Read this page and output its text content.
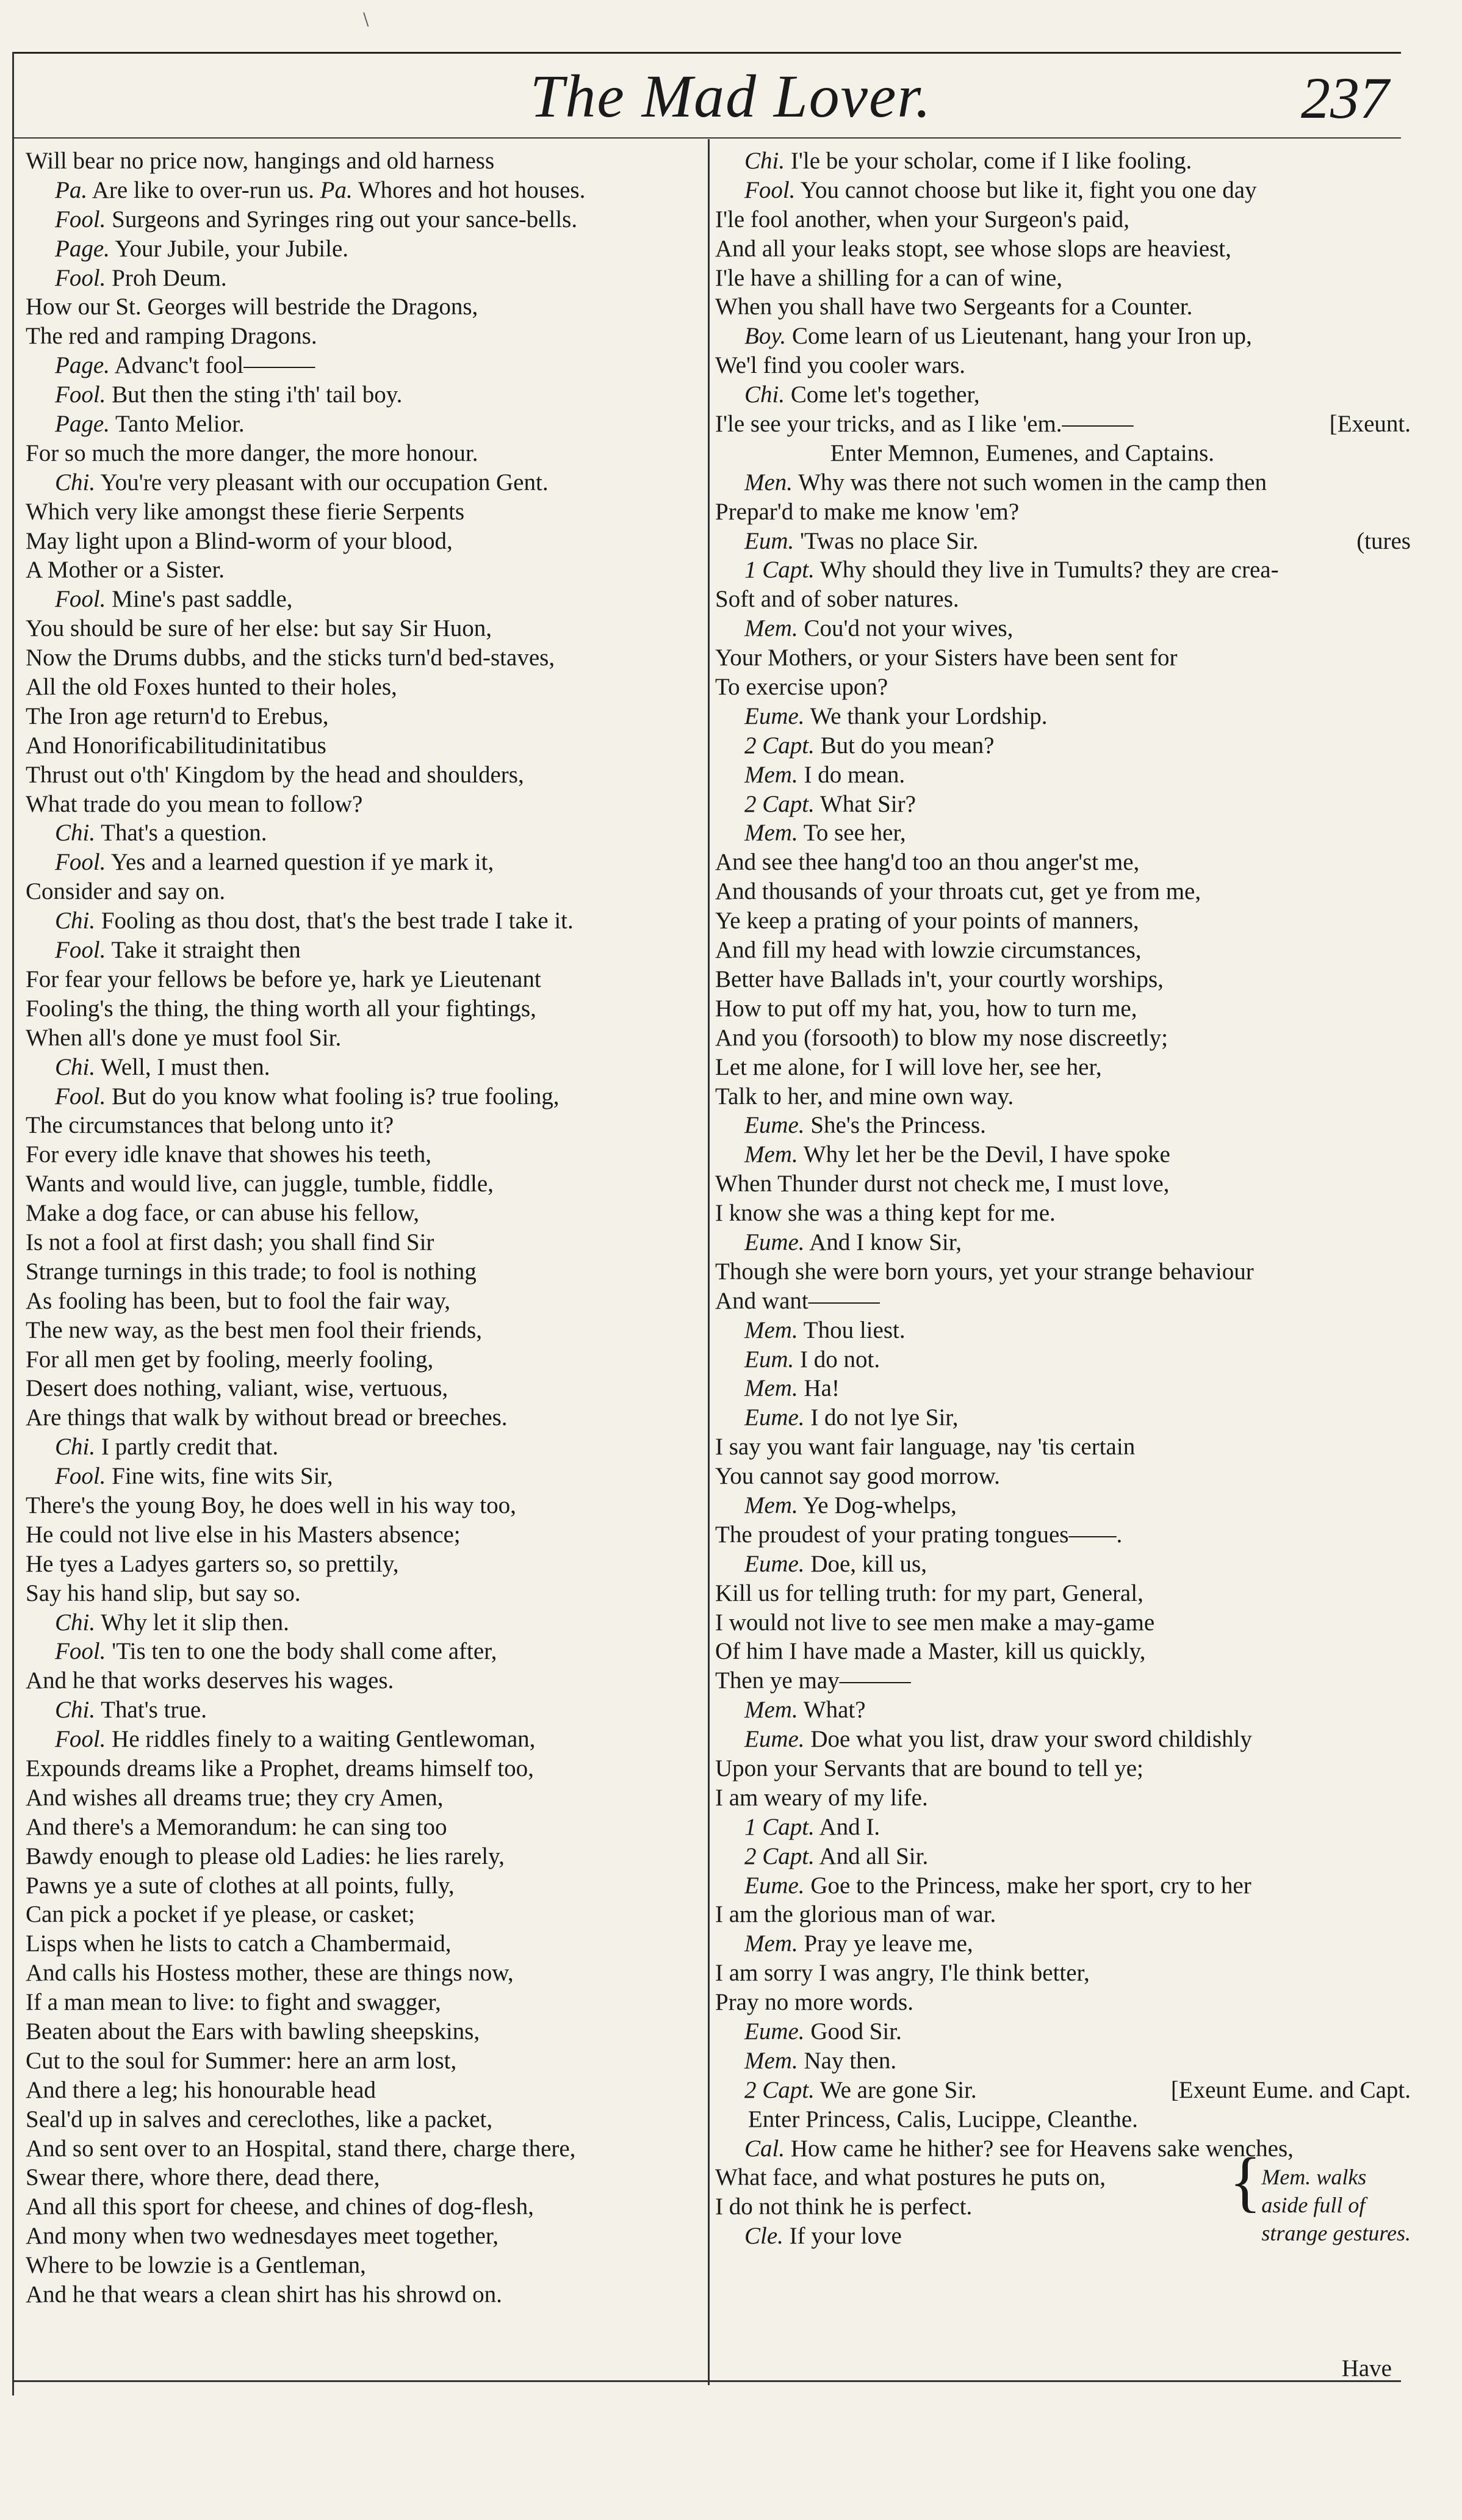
\
The Mad Lover.	237
Will bear no price now, hangings and old harness
Pa. Are like to over-run us. Pa. Whores and hot houses.
Fool. Surgeons and Syringes ring out your sance-bells.
Page. Your Jubile, your Jubile.
Fool. Proh Deum.
How our St. Georges will bestride the Dragons,
The red and ramping Dragons.
Page. Advanc't fool———
Fool. But then the sting i'th' tail boy.
Page. Tanto Melior.
For so much the more danger, the more honour.
Chi. You're very pleasant with our occupation Gent.
Which very like amongst these fierie Serpents
May light upon a Blind-worm of your blood,
A Mother or a Sister.
Fool. Mine's past saddle,
You should be sure of her else: but say Sir Huon,
Now the Drums dubbs, and the sticks turn'd bed-staves,
All the old Foxes hunted to their holes,
The Iron age return'd to Erebus,
And Honorificabilitudinitatibus
Thrust out o'th' Kingdom by the head and shoulders,
What trade do you mean to follow?
Chi. That's a question.
Fool. Yes and a learned question if ye mark it,
Consider and say on.
Chi. Fooling as thou dost, that's the best trade I take it.
Fool. Take it straight then
For fear your fellows be before ye, hark ye Lieutenant
Fooling's the thing, the thing worth all your fightings,
When all's done ye must fool Sir.
Chi. Well, I must then.
Fool. But do you know what fooling is? true fooling,
The circumstances that belong unto it?
For every idle knave that showes his teeth,
Wants and would live, can juggle, tumble, fiddle,
Make a dog face, or can abuse his fellow,
Is not a fool at first dash; you shall find Sir
Strange turnings in this trade; to fool is nothing
As fooling has been, but to fool the fair way,
The new way, as the best men fool their friends,
For all men get by fooling, meerly fooling,
Desert does nothing, valiant, wise, vertuous,
Are things that walk by without bread or breeches.
Chi. I partly credit that.
Fool. Fine wits, fine wits Sir,
There's the young Boy, he does well in his way too,
He could not live else in his Masters absence;
He tyes a Ladyes garters so, so prettily,
Say his hand slip, but say so.
Chi. Why let it slip then.
Fool. 'Tis ten to one the body shall come after,
And he that works deserves his wages.
Chi. That's true.
Fool. He riddles finely to a waiting Gentlewoman,
Expounds dreams like a Prophet, dreams himself too,
And wishes all dreams true; they cry Amen,
And there's a Memorandum: he can sing too
Bawdy enough to please old Ladies: he lies rarely,
Pawns ye a sute of clothes at all points, fully,
Can pick a pocket if ye please, or casket;
Lisps when he lists to catch a Chambermaid,
And calls his Hostess mother, these are things now,
If a man mean to live: to fight and swagger,
Beaten about the Ears with bawling sheepskins,
Cut to the soul for Summer: here an arm lost,
And there a leg; his honourable head
Seal'd up in salves and cereclothes, like a packet,
And so sent over to an Hospital, stand there, charge there,
Swear there, whore there, dead there,
And all this sport for cheese, and chines of dog-flesh,
And mony when two wednesdayes meet together,
Where to be lowzie is a Gentleman,
And he that wears a clean shirt has his shrowd on.
Chi. I'le be your scholar, come if I like fooling.
Fool. You cannot choose but like it, fight you one day
I'le fool another, when your Surgeon's paid,
And all your leaks stopt, see whose slops are heaviest,
I'le have a shilling for a can of wine,
When you shall have two Sergeants for a Counter.
Boy. Come learn of us Lieutenant, hang your Iron up,
We'l find you cooler wars.
Chi. Come let's together,
I'le see your tricks, and as I like 'em.———	[Exeunt.
Enter Memnon, Eumenes, and Captains.
Men. Why was there not such women in the camp then
Prepar'd to make me know 'em?
Eum. 'Twas no place Sir.	(tures
1 Capt. Why should they live in Tumults? they are crea-
Soft and of sober natures.
Mem. Cou'd not your wives,
Your Mothers, or your Sisters have been sent for
To exercise upon?
Eume. We thank your Lordship.
2 Capt. But do you mean?
Mem. I do mean.
2 Capt. What Sir?
Mem. To see her,
And see thee hang'd too an thou anger'st me,
And thousands of your throats cut, get ye from me,
Ye keep a prating of your points of manners,
And fill my head with lowzie circumstances,
Better have Ballads in't, your courtly worships,
How to put off my hat, you, how to turn me,
And you (forsooth) to blow my nose discreetly;
Let me alone, for I will love her, see her,
Talk to her, and mine own way.
Eume. She's the Princess.
Mem. Why let her be the Devil, I have spoke
When Thunder durst not check me, I must love,
I know she was a thing kept for me.
Eume. And I know Sir,
Though she were born yours, yet your strange behaviour
And want———
Mem. Thou liest.
Eum. I do not.
Mem. Ha!
Eume. I do not lye Sir,
I say you want fair language, nay 'tis certain
You cannot say good morrow.
Mem. Ye Dog-whelps,
The proudest of your prating tongues——.
Eume. Doe, kill us,
Kill us for telling truth: for my part, General,
I would not live to see men make a may-game
Of him I have made a Master, kill us quickly,
Then ye may———
Mem. What?
Eume. Doe what you list, draw your sword childishly
Upon your Servants that are bound to tell ye;
I am weary of my life.
1 Capt. And I.
2 Capt. And all Sir.
Eume. Goe to the Princess, make her sport, cry to her
I am the glorious man of war.
Mem. Pray ye leave me,
I am sorry I was angry, I'le think better,
Pray no more words.
Eume. Good Sir.
Mem. Nay then.
2 Capt. We are gone Sir.	[Exeunt Eume. and Capt.
Enter Princess, Calis, Lucippe, Cleanthe.
Cal. How came he hither? see for Heavens sake wenches,
What face, and what postures he puts on, { Mem. walks
aside full of
strange gestures.
I do not think he is perfect.
Cle. If your love
Have
